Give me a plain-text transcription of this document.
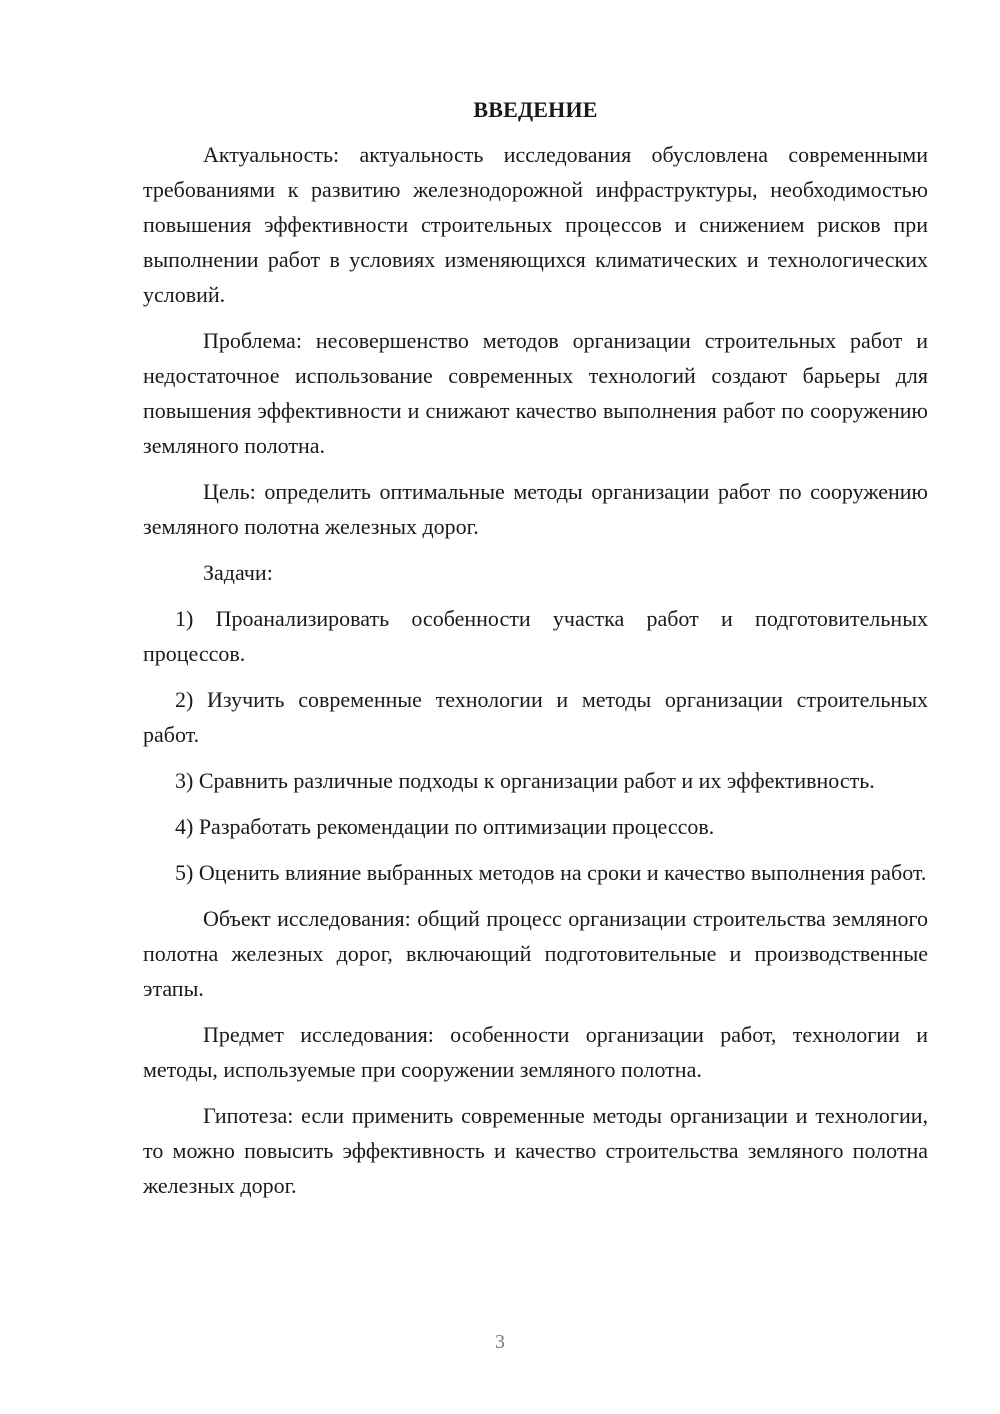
ВВЕДЕНИЕ

Актуальность: актуальность исследования обусловлена современными требованиями к развитию железнодорожной инфраструктуры, необходимостью повышения эффективности строительных процессов и снижением рисков при выполнении работ в условиях изменяющихся климатических и технологических условий.

Проблема: несовершенство методов организации строительных работ и недостаточное использование современных технологий создают барьеры для повышения эффективности и снижают качество выполнения работ по сооружению земляного полотна.

Цель: определить оптимальные методы организации работ по сооружению земляного полотна железных дорог.

Задачи:

1) Проанализировать особенности участка работ и подготовительных процессов.

2) Изучить современные технологии и методы организации строительных работ.

3) Сравнить различные подходы к организации работ и их эффективность.

4) Разработать рекомендации по оптимизации процессов.

5) Оценить влияние выбранных методов на сроки и качество выполнения работ.

Объект исследования: общий процесс организации строительства земляного полотна железных дорог, включающий подготовительные и производственные этапы.

Предмет исследования: особенности организации работ, технологии и методы, используемые при сооружении земляного полотна.

Гипотеза: если применить современные методы организации и технологии, то можно повысить эффективность и качество строительства земляного полотна железных дорог.

3
